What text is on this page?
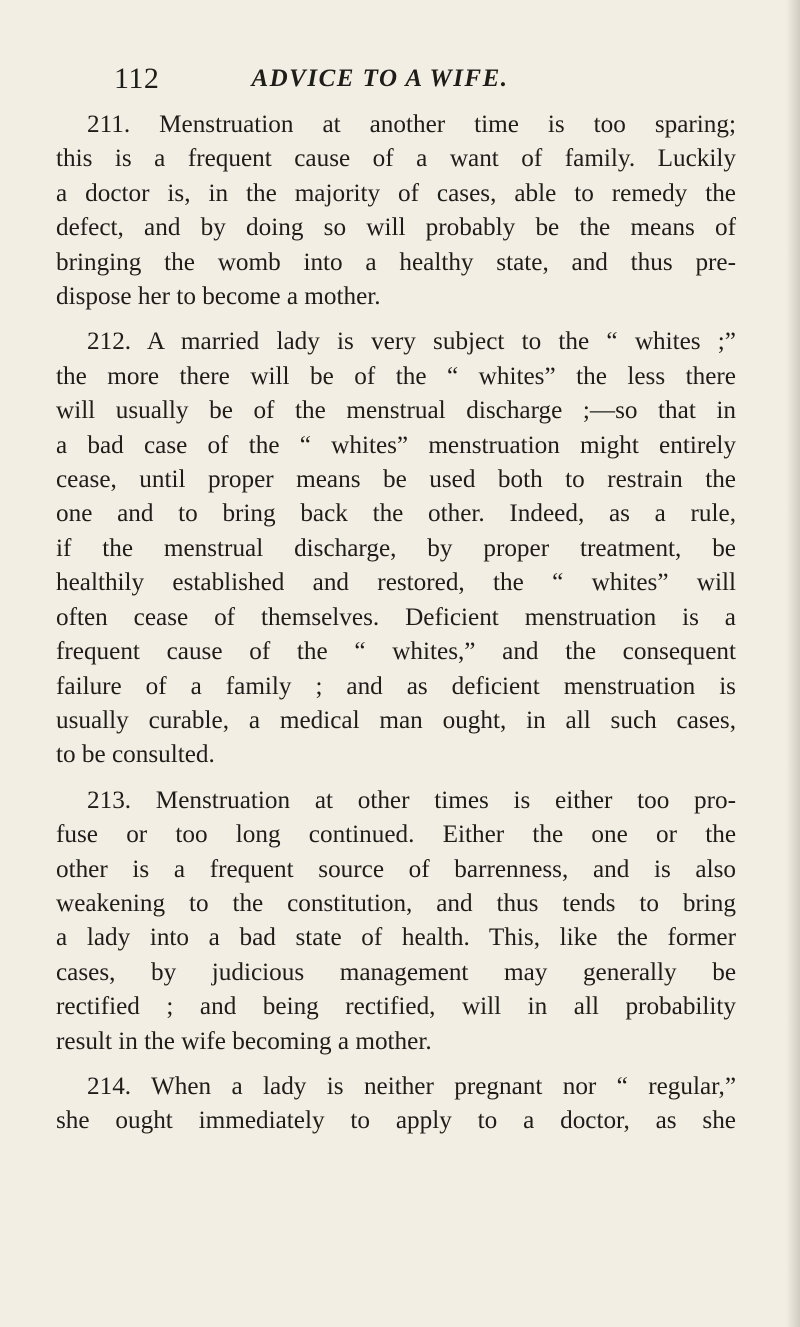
112	ADVICE TO A WIFE.
211. Menstruation at another time is too sparing;
this is a frequent cause of a want of family. Luckily
a doctor is, in the majority of cases, able to remedy the
defect, and by doing so will probably be the means of
bringing the womb into a healthy state, and thus pre-
dispose her to become a mother.
212. A married lady is very subject to the “ whites ;”
the more there will be of the “ whites” the less there
will usually be of the menstrual discharge ;—so that in
a bad case of the “ whites” menstruation might entirely
cease, until proper means be used both to restrain the
one and to bring back the other. Indeed, as a rule,
if the menstrual discharge, by proper treatment, be
healthily established and restored, the “ whites” will
often cease of themselves. Deficient menstruation is a
frequent cause of the “ whites,” and the consequent
failure of a family ; and as deficient menstruation is
usually curable, a medical man ought, in all such cases,
to be consulted.
213. Menstruation at other times is either too pro-
fuse or too long continued. Either the one or the
other is a frequent source of barrenness, and is also
weakening to the constitution, and thus tends to bring
a lady into a bad state of health. This, like the former
cases, by judicious management may generally be
rectified ; and being rectified, will in all probability
result in the wife becoming a mother.
214. When a lady is neither pregnant nor “ regular,”
she ought immediately to apply to a doctor, as she
